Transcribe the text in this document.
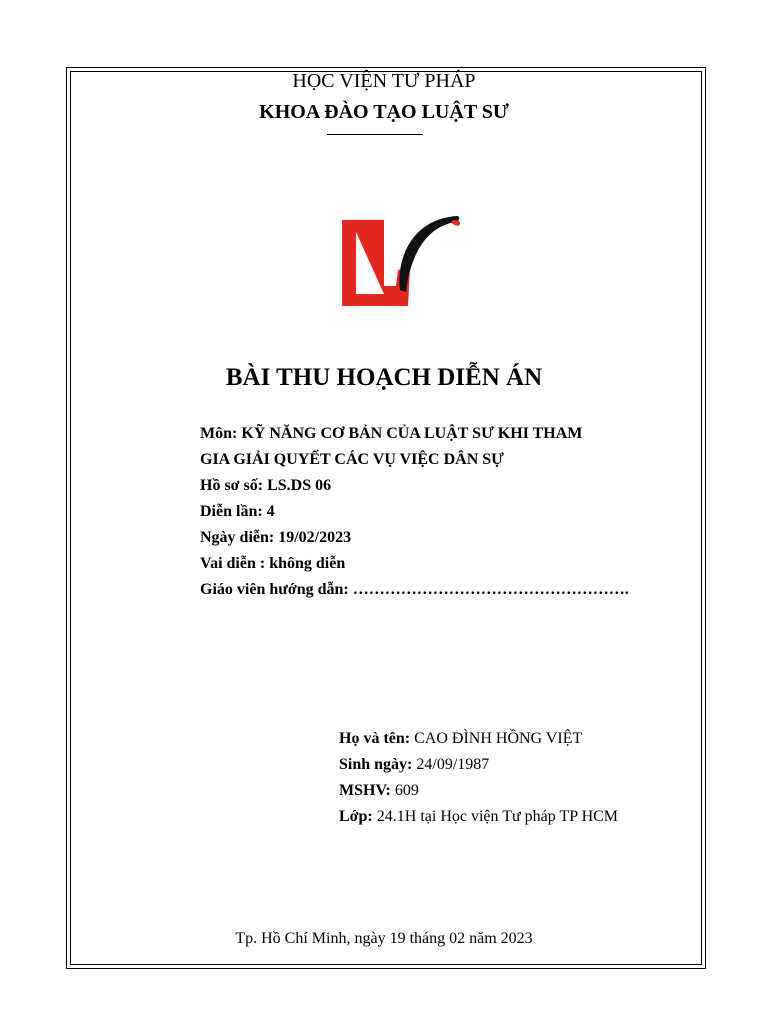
HỌC VIỆN TƯ PHÁP
KHOA ĐÀO TẠO LUẬT SƯ
BÀI THU HOẠCH DIỄN ÁN
Môn: KỸ NĂNG CƠ BẢN CỦA LUẬT SƯ KHI THAM
GIA GIẢI QUYẾT CÁC VỤ VIỆC DÂN SỰ
Hồ sơ số: LS.DS 06
Diễn lần: 4
Ngày diễn: 19/02/2023
Vai diễn : không diễn
Giáo viên hướng dẫn: …………………………………………….
Họ và tên: CAO ĐÌNH HỒNG VIỆT
Sinh ngày: 24/09/1987
MSHV: 609
Lớp: 24.1H tại Học viện Tư pháp TP HCM
Tp. Hồ Chí Minh, ngày 19 tháng 02 năm 2023
